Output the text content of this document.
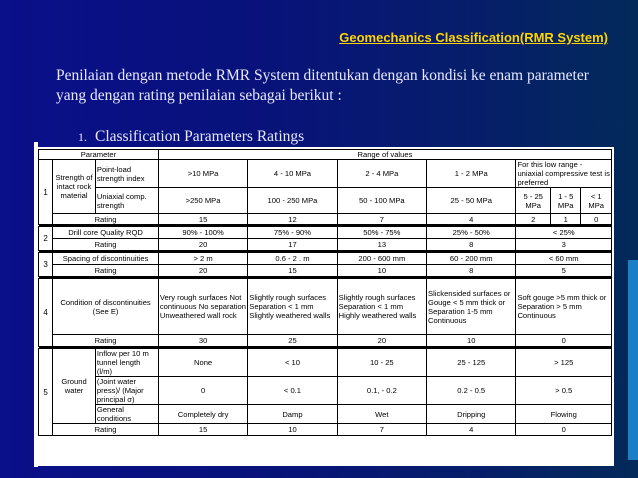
Geomechanics Classification(RMR System)
Penilaian dengan metode RMR System ditentukan dengan kondisi ke enam parameter yang dengan rating penilaian sebagai berikut :
1. Classification Parameters Ratings
Parameter			Range of values						
1	Strength of intact rock material	Point-load strength index	>10 MPa	4 - 10 MPa	2 - 4 MPa	1 - 2 MPa	For this low range - uniaxial compressive test is preferred		
		Uniaxial comp. strength	>250 MPa	100 - 250 MPa	50 - 100 MPa	25 - 50 MPa	5 - 25 MPa	1 - 5 MPa	< 1 MPa
	Rating		15	12	7	4	2	1	0

2	Drill core Quality RQD		90% - 100%	75% - 90%	50% - 75%	25% - 50%	< 25%		
	Rating		20	17	13	8	3		

3	Spacing of discontinuities		> 2 m	0.6 - 2 . m	200 - 600 mm	60 - 200 mm	< 60 mm		
	Rating		20	15	10	8	5		

4	Condition of discontinuities (See E)		Very rough surfaces Not continuous No separation Unweathered wall rock	Slightly rough surfaces Separation < 1 mm Slightly weathered walls	Slightly rough surfaces Separation < 1 mm Highly weathered walls	Slickensided surfaces or Gouge < 5 mm thick or Separation 1-5 mm Continuous	Soft gouge >5 mm thick or Separation > 5 mm Continuous		
	Rating		30	25	20	10	0		

5	Ground water	Inflow per 10 m tunnel length (l/m)	None	< 10	10 - 25	25 - 125	> 125		
		(Joint water press)/ (Major principal σ)	0	< 0.1	0.1, - 0.2	0.2 - 0.5	> 0.5		
		General conditions	Completely dry	Damp	Wet	Dripping	Flowing		
	Rating		15	10	7	4	0		
